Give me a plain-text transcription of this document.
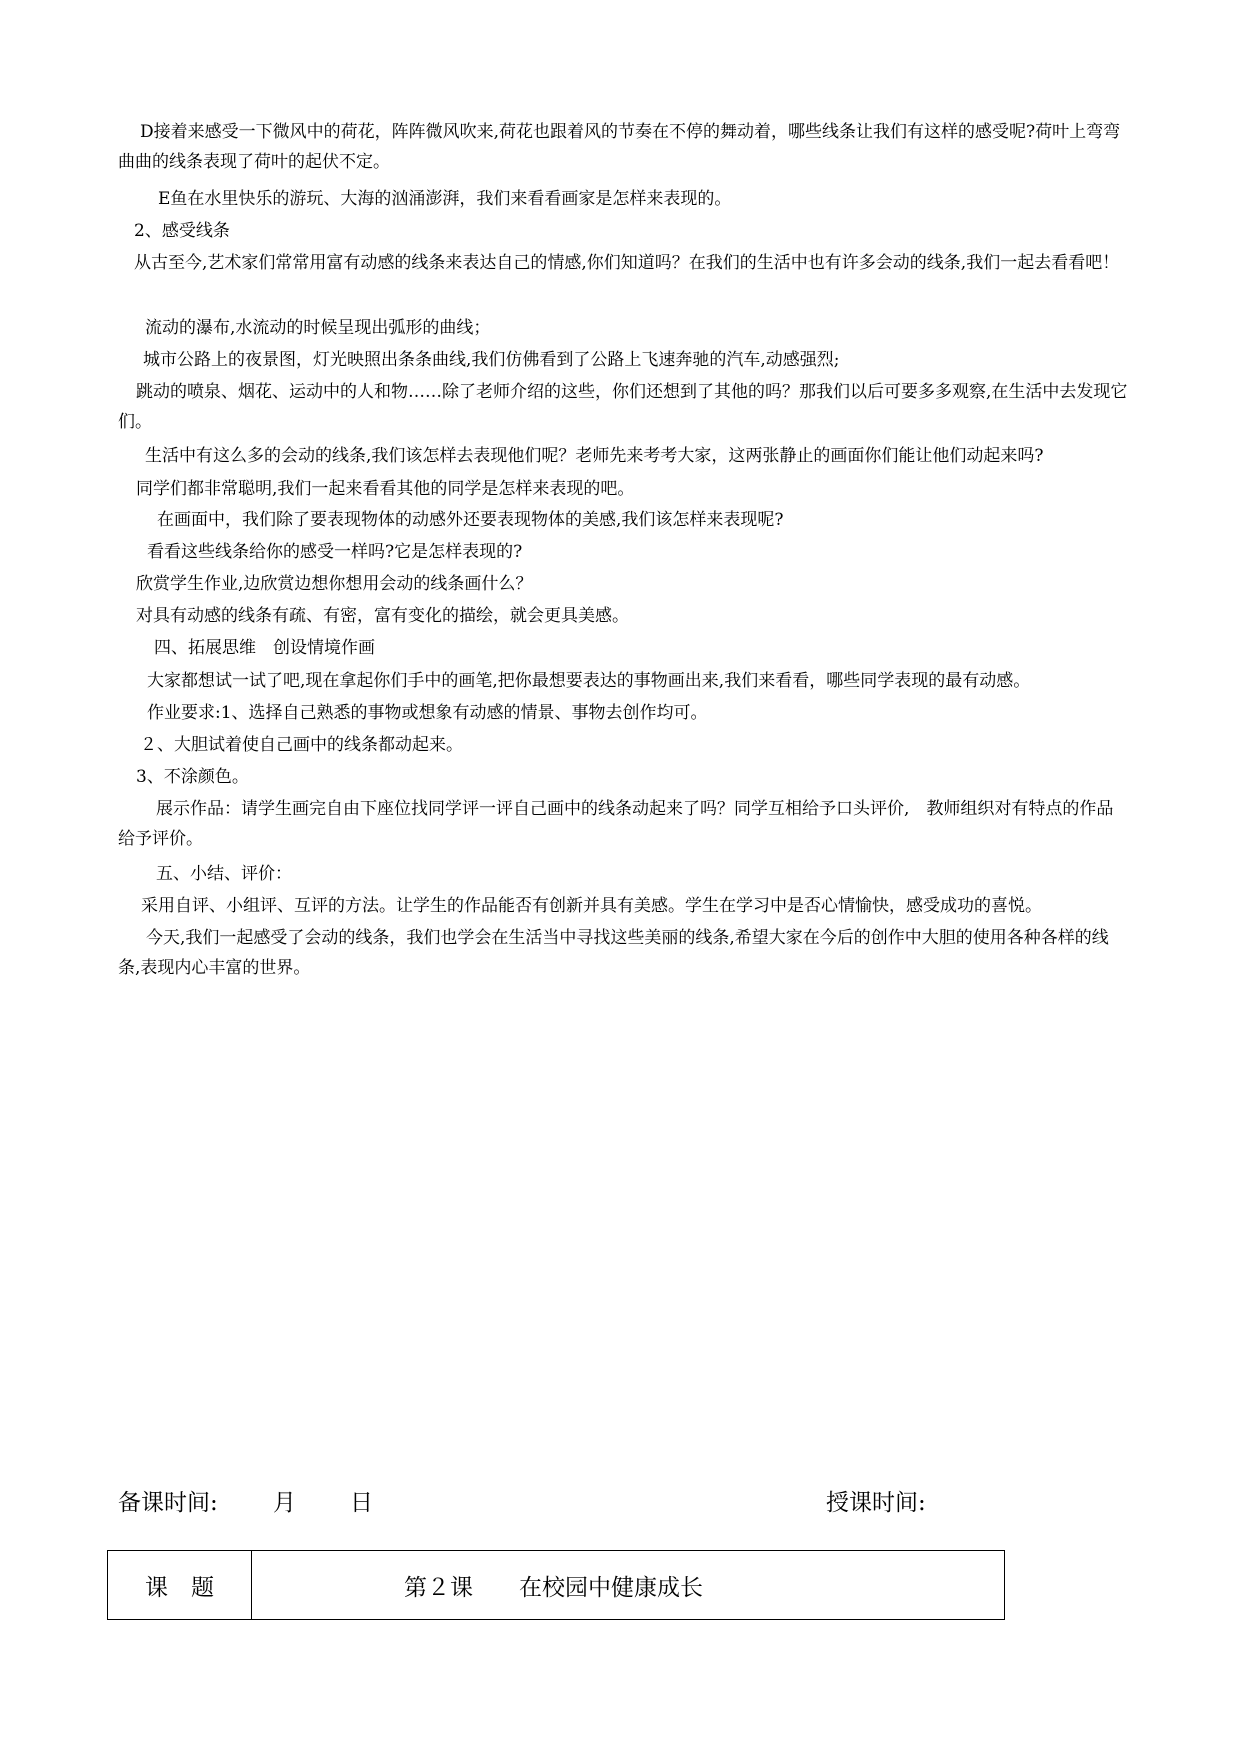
D接着来感受一下微风中的荷花，阵阵微风吹来,荷花也跟着风的节奏在不停的舞动着，哪些线条让我们有这样的感受呢?荷叶上弯弯曲曲的线条表现了荷叶的起伏不定。

E鱼在水里快乐的游玩、大海的汹涌澎湃，我们来看看画家是怎样来表现的。

2、感受线条

从古至今,艺术家们常常用富有动感的线条来表达自己的情感,你们知道吗？在我们的生活中也有许多会动的线条,我们一起去看看吧！

流动的瀑布,水流动的时候呈现出弧形的曲线；

城市公路上的夜景图，灯光映照出条条曲线,我们仿佛看到了公路上飞速奔驰的汽车,动感强烈;

跳动的喷泉、烟花、运动中的人和物……除了老师介绍的这些，你们还想到了其他的吗？那我们以后可要多多观察,在生活中去发现它们。

生活中有这么多的会动的线条,我们该怎样去表现他们呢？老师先来考考大家，这两张静止的画面你们能让他们动起来吗?

同学们都非常聪明,我们一起来看看其他的同学是怎样来表现的吧。

在画面中，我们除了要表现物体的动感外还要表现物体的美感,我们该怎样来表现呢?

看看这些线条给你的感受一样吗?它是怎样表现的?

欣赏学生作业,边欣赏边想你想用会动的线条画什么？

对具有动感的线条有疏、有密，富有变化的描绘，就会更具美感。

四、拓展思维　创设情境作画

大家都想试一试了吧,现在拿起你们手中的画笔,把你最想要表达的事物画出来,我们来看看，哪些同学表现的最有动感。

作业要求:1、选择自己熟悉的事物或想象有动感的情景、事物去创作均可。

２、大胆试着使自己画中的线条都动起来。

3、不涂颜色。

展示作品：请学生画完自由下座位找同学评一评自己画中的线条动起来了吗？同学互相给予口头评价,　教师组织对有特点的作品给予评价。

五、小结、评价：

采用自评、小组评、互评的方法。让学生的作品能否有创新并具有美感。学生在学习中是否心情愉快，感受成功的喜悦。

今天,我们一起感受了会动的线条，我们也学会在生活当中寻找这些美丽的线条,希望大家在今后的创作中大胆的使用各种各样的线条,表现内心丰富的世界。

备课时间: 月 日	授课时间:
课　题	第２课　　在校园中健康成长
